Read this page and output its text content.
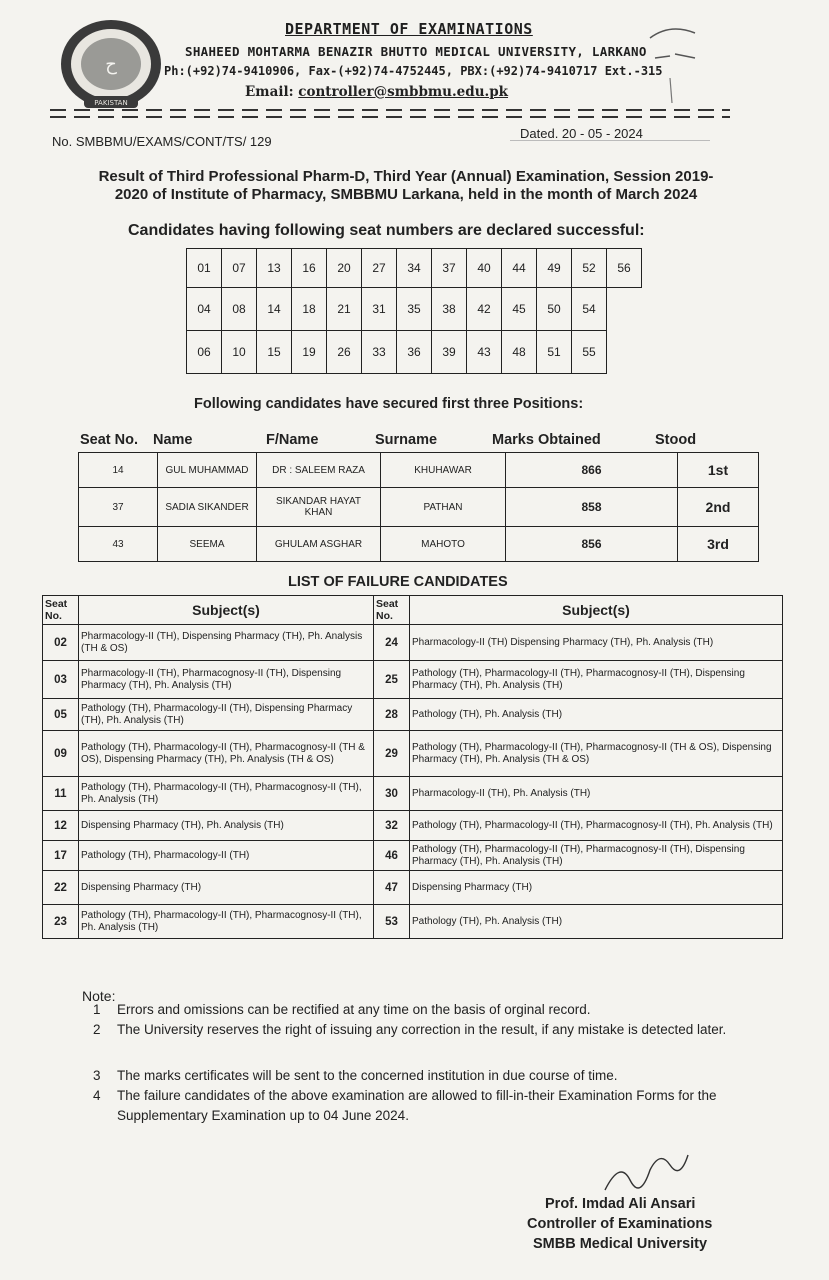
ح
PAKISTAN
DEPARTMENT OF EXAMINATIONS
SHAHEED MOHTARMA BENAZIR BHUTTO MEDICAL UNIVERSITY, LARKANO
Ph:(+92)74-9410906, Fax-(+92)74-4752445, PBX:(+92)74-9410717 Ext.-315
Email: controller@smbbmu.edu.pk
No. SMBBMU/EXAMS/CONT/TS/ 129
Dated. 20 - 05 - 2024
Result of Third Professional Pharm-D, Third Year (Annual) Examination, Session 2019-
2020 of Institute of Pharmacy, SMBBMU Larkana, held in the month of March 2024
Candidates having following seat numbers are declared successful:
01	07	13	16	20	27	34	37	40	44	49	52	56
04	08	14	18	21	31	35	38	42	45	50	54	
06	10	15	19	26	33	36	39	43	48	51	55	
Following candidates have secured first three Positions:
Seat No. Name	F/Name	Surname	Marks Obtained	Stood
14	GUL MUHAMMAD	DR : SALEEM RAZA	KHUHAWAR	866	1st
37	SADIA SIKANDER	SIKANDAR HAYAT KHAN	PATHAN	858	2nd
43	SEEMA	GHULAM ASGHAR	MAHOTO	856	3rd
LIST OF FAILURE CANDIDATES
Seat No.	Subject(s)	Seat No.	Subject(s)
02	Pharmacology-II (TH), Dispensing Pharmacy (TH), Ph. Analysis (TH & OS)	24	Pharmacology-II (TH) Dispensing Pharmacy (TH), Ph. Analysis (TH)
03	Pharmacology-II (TH), Pharmacognosy-II (TH), Dispensing Pharmacy (TH), Ph. Analysis (TH)	25	Pathology (TH), Pharmacology-II (TH), Pharmacognosy-II (TH), Dispensing Pharmacy (TH), Ph. Analysis (TH)
05	Pathology (TH), Pharmacology-II (TH), Dispensing Pharmacy (TH), Ph. Analysis (TH)	28	Pathology (TH), Ph. Analysis (TH)
09	Pathology (TH), Pharmacology-II (TH), Pharmacognosy-II (TH & OS), Dispensing Pharmacy (TH), Ph. Analysis (TH & OS)	29	Pathology (TH), Pharmacology-II (TH), Pharmacognosy-II (TH & OS), Dispensing Pharmacy (TH), Ph. Analysis (TH & OS)
11	Pathology (TH), Pharmacology-II (TH), Pharmacognosy-II (TH), Ph. Analysis (TH)	30	Pharmacology-II (TH), Ph. Analysis (TH)
12	Dispensing Pharmacy (TH), Ph. Analysis (TH)	32	Pathology (TH), Pharmacology-II (TH), Pharmacognosy-II (TH), Ph. Analysis (TH)
17	Pathology (TH), Pharmacology-II (TH)	46	Pathology (TH), Pharmacology-II (TH), Pharmacognosy-II (TH), Dispensing Pharmacy (TH), Ph. Analysis (TH)
22	Dispensing Pharmacy (TH)	47	Dispensing Pharmacy (TH)
23	Pathology (TH), Pharmacology-II (TH), Pharmacognosy-II (TH), Ph. Analysis (TH)	53	Pathology (TH), Ph. Analysis (TH)
Note:
1 Errors and omissions can be rectified at any time on the basis of orginal record.
2 The University reserves the right of issuing any correction in the result, if any mistake is detected later.
3 The marks certificates will be sent to the concerned institution in due course of time.
4 The failure candidates of the above examination are allowed to fill-in-their Examination Forms for the Supplementary Examination up to 04 June 2024.
Prof. Imdad Ali Ansari
Controller of Examinations
SMBB Medical University
